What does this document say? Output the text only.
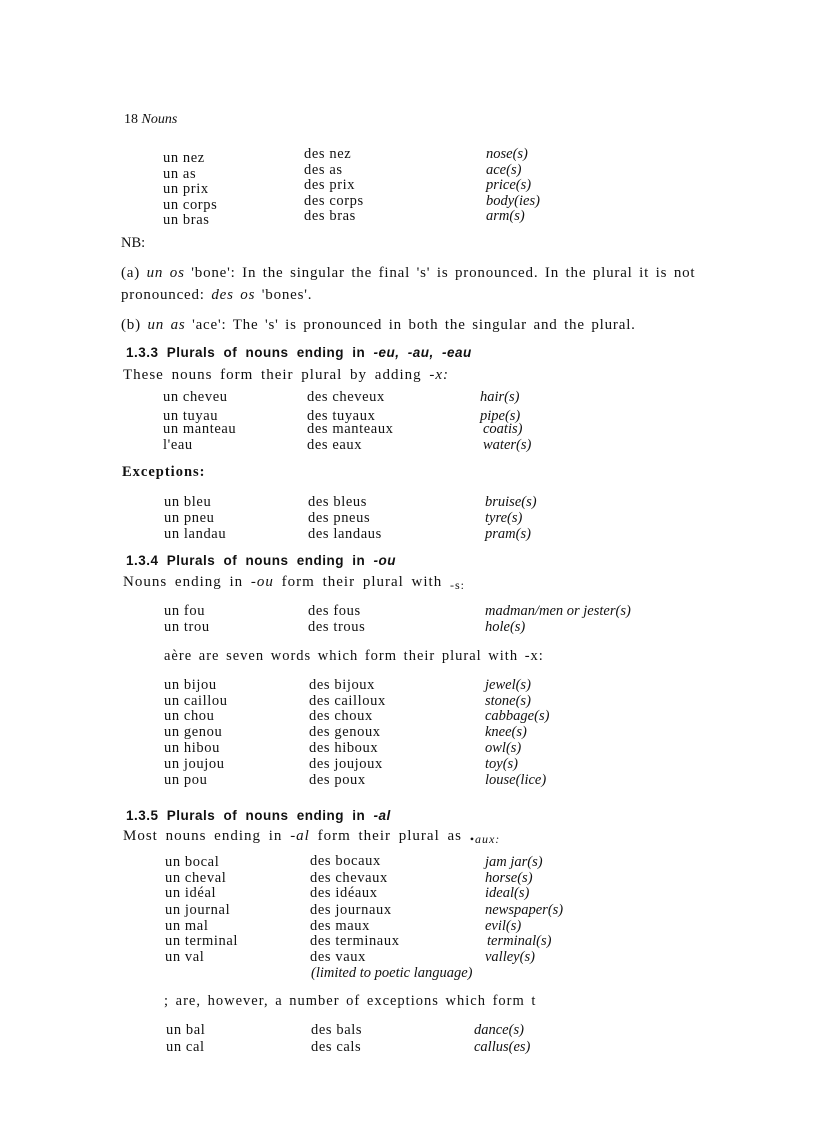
18 Nouns
un nez	des nez	nose(s)
un as	des as	ace(s)
un prix	des prix	price(s)
un corps	des corps	body(ies)
un bras	des bras	arm(s)
NB:
(a) un os 'bone': In the singular the final 's' is pronounced. In the plural it is not pronounced: des os 'bones'.
(b) un as 'ace': The 's' is pronounced in both the singular and the plural.
1.3.3 Plurals of nouns ending in -eu, -au, -eau
These nouns form their plural by adding -x:
un cheveu	des cheveux	hair(s)
un tuyau	des tuyaux	pipe(s)
un manteau	des manteaux	coatis)
l'eau	des eaux	water(s)
Exceptions:
un bleu	des bleus	bruise(s)
un pneu	des pneus	tyre(s)
un landau	des landaus	pram(s)
1.3.4 Plurals of nouns ending in -ou
Nouns ending in -ou form their plural with $_{-s:}$
un fou	des fous	madman/men or jester(s)
un trou	des trous	hole(s)
aère are seven words which form their plural with -x:
un bijou	des bijoux	jewel(s)
un caillou	des cailloux	stone(s)
un chou	des choux	cabbage(s)
un genou	des genoux	knee(s)
un hibou	des hiboux	owl(s)
un joujou	des joujoux	toy(s)
un pou	des poux	louse(lice)
1.3.5 Plurals of nouns ending in -al
Most nouns ending in -al form their plural as $_{•aux:}$
un bocal	des bocaux	jam jar(s)
un cheval	des chevaux	horse(s)
un idéal	des idéaux	ideal(s)
un journal	des journaux	newspaper(s)
un mal	des maux	evil(s)
un terminal	des terminaux	terminal(s)
un val	des vaux	valley(s)
(limited to poetic language)
; are, however, a number of exceptions which form t
un bal	des bals	dance(s)
un cal	des cals	callus(es)
